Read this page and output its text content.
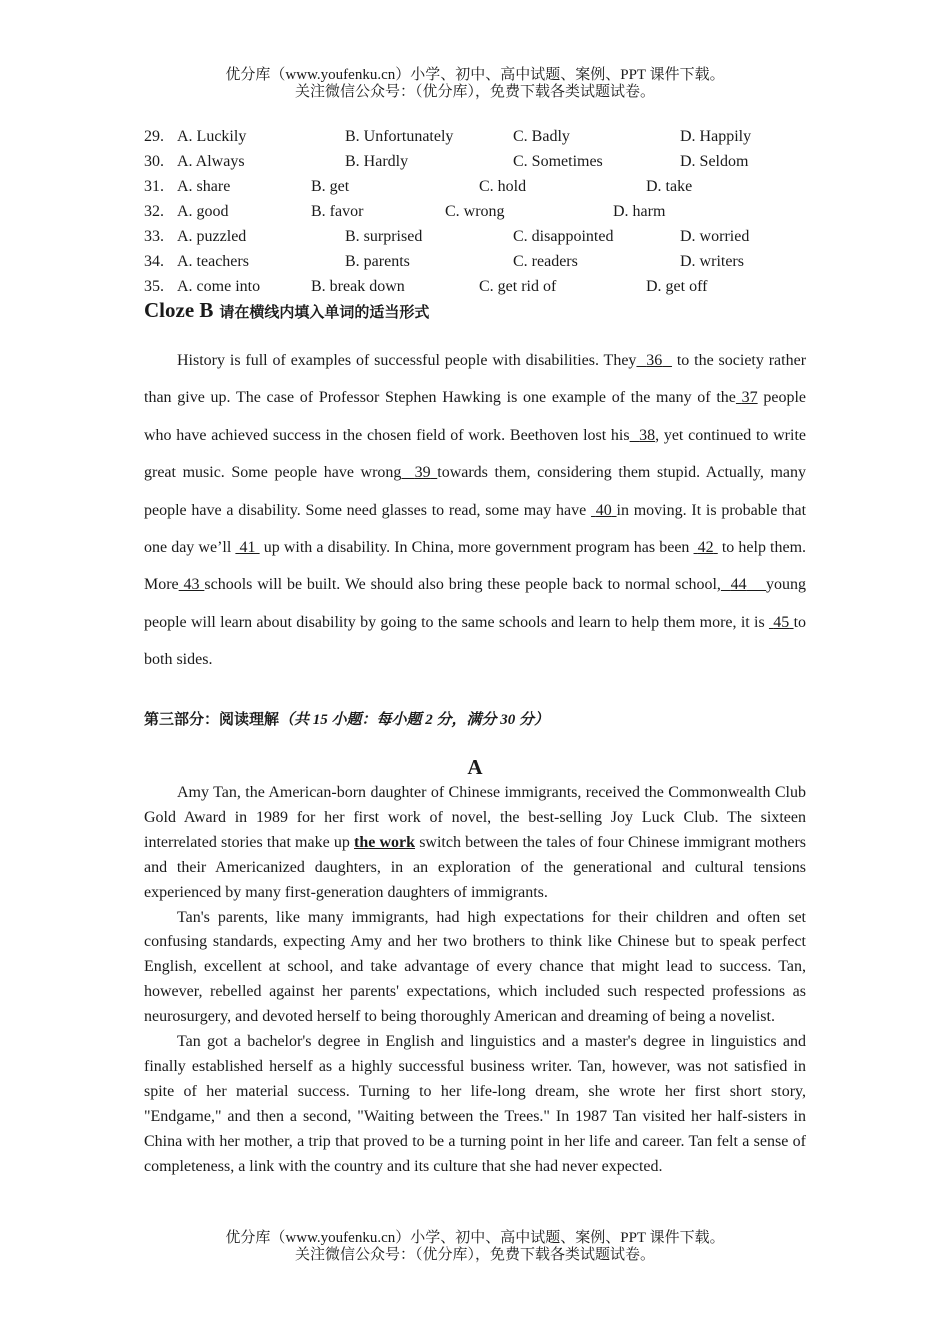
优分库（www.youfenku.cn）小学、初中、高中试题、案例、PPT 课件下载。
关注微信公众号：（优分库），免费下载各类试题试卷。
29. A. Luckily	B. Unfortunately	C. Badly	D. Happily
30. A. Always	B. Hardly	C. Sometimes	D. Seldom
31. A. share	B. get	C. hold	D. take
32. A. good	B. favor	C. wrong	D. harm
33. A. puzzled	B. surprised	C. disappointed	D. worried
34. A. teachers	B. parents	C. readers	D. writers
35. A. come into	B. break down	C. get rid of	D. get off
Cloze B 请在横线内填入单词的适当形式

History is full of examples of successful people with disabilities. They 36 to the society rather than give up. The case of Professor Stephen Hawking is one example of the many of the 37 people who have achieved success in the chosen field of work. Beethoven lost his 38, yet continued to write great music. Some people have wrong 39 towards them, considering them stupid. Actually, many people have a disability. Some need glasses to read, some may have 40 in moving. It is probable that one day we’ll 41 up with a disability. In China, more government program has been 42 to help them. More 43 schools will be built. We should also bring these people back to normal school, 44 young people will learn about disability by going to the same schools and learn to help them more, it is 45 to both sides.

第三部分：阅读理解（共 15 小题：每小题 2 分，满分 30 分）
A

Amy Tan, the American-born daughter of Chinese immigrants, received the Commonwealth Club Gold Award in 1989 for her first work of novel, the best-selling Joy Luck Club. The sixteen interrelated stories that make up the work switch between the tales of four Chinese immigrant mothers and their Americanized daughters, in an exploration of the generational and cultural tensions experienced by many first-generation daughters of immigrants.

Tan's parents, like many immigrants, had high expectations for their children and often set confusing standards, expecting Amy and her two brothers to think like Chinese but to speak perfect English, excellent at school, and take advantage of every chance that might lead to success. Tan, however, rebelled against her parents' expectations, which included such respected professions as neurosurgery, and devoted herself to being thoroughly American and dreaming of being a novelist.

Tan got a bachelor's degree in English and linguistics and a master's degree in linguistics and finally established herself as a highly successful business writer. Tan, however, was not satisfied in spite of her material success. Turning to her life-long dream, she wrote her first short story, "Endgame," and then a second, "Waiting between the Trees." In 1987 Tan visited her half-sisters in China with her mother, a trip that proved to be a turning point in her life and career. Tan felt a sense of completeness, a link with the country and its culture that she had never expected.

优分库（www.youfenku.cn）小学、初中、高中试题、案例、PPT 课件下载。
关注微信公众号：（优分库），免费下载各类试题试卷。
